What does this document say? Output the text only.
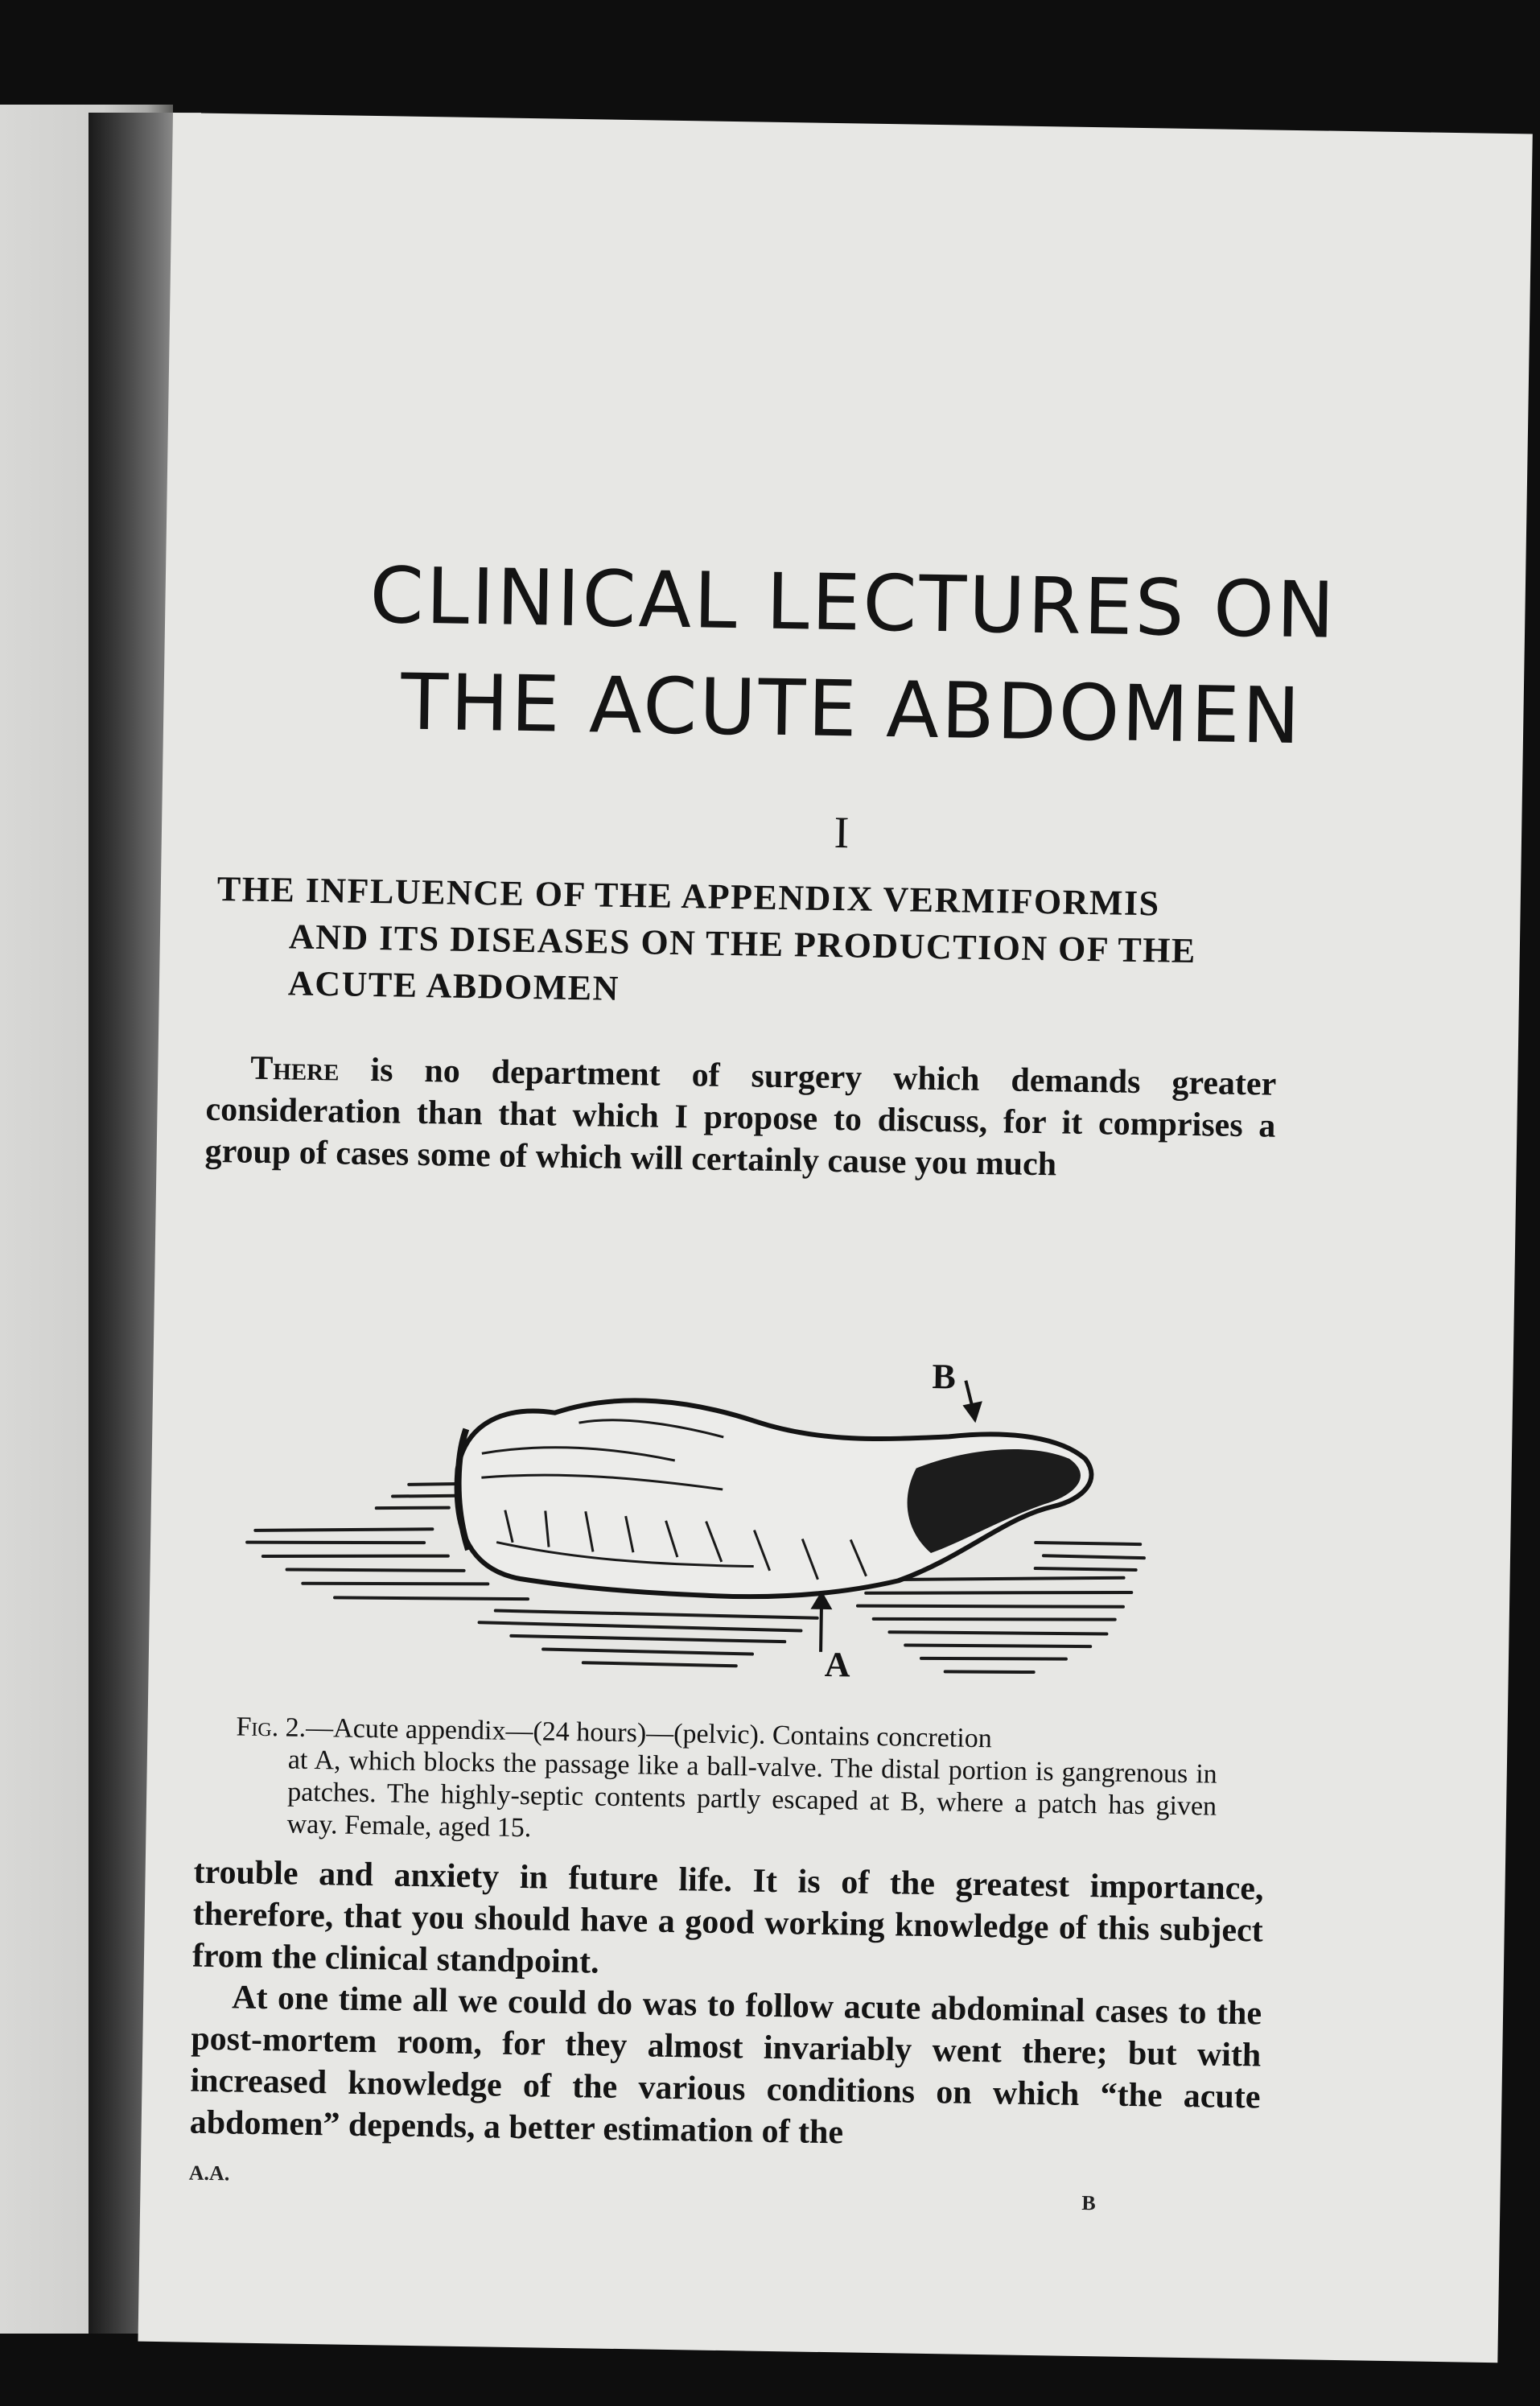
CLINICAL LECTURES ON
THE ACUTE ABDOMEN
I
THE INFLUENCE OF THE APPENDIX VERMIFORMIS
AND ITS DISEASES ON THE PRODUCTION OF THE ACUTE ABDOMEN

There is no department of surgery which demands greater consideration than that which I propose to discuss, for it comprises a group of cases some of which will certainly cause you much

A
B

Fig. 2.—Acute appendix—(24 hours)—(pelvic). Contains concretion
at A, which blocks the passage like a ball-valve. The distal portion is gangrenous in patches. The highly-septic contents partly escaped at B, where a patch has given way. Female, aged 15.

trouble and anxiety in future life. It is of the greatest importance, therefore, that you should have a good working knowledge of this subject from the clinical standpoint.

At one time all we could do was to follow acute abdominal cases to the post-mortem room, for they almost invariably went there; but with increased knowledge of the various conditions on which “the acute abdomen” depends, a better estimation of the

A.A.
B
